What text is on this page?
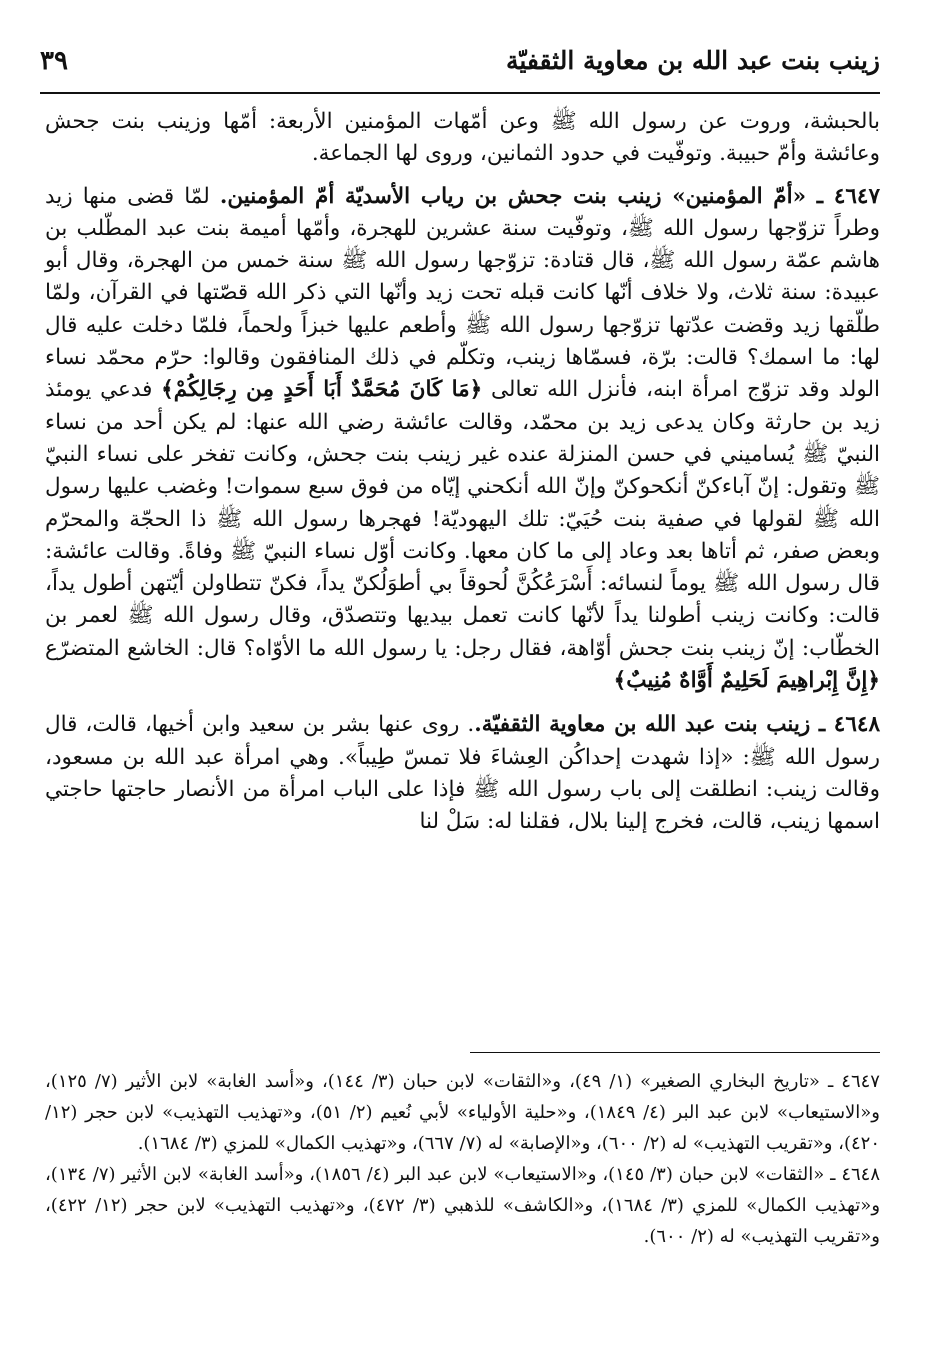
زينب بنت عبد الله بن معاوية الثقفيّة
٣٩

بالحبشة، وروت عن رسول الله ﷺ وعن أمّهات المؤمنين الأربعة: أمّها وزينب بنت جحش وعائشة وأمّ حبيبة. وتوفّيت في حدود الثمانين، وروى لها الجماعة.

٤٦٤٧ ـ «أمّ المؤمنين» زينب بنت جحش بن رياب الأسديّة أمّ المؤمنين. لمّا قضى منها زيد وطراً تزوّجها رسول الله ﷺ، وتوفّيت سنة عشرين للهجرة، وأمّها أميمة بنت عبد المطّلب بن هاشم عمّة رسول الله ﷺ، قال قتادة: تزوّجها رسول الله ﷺ سنة خمس من الهجرة، وقال أبو عبيدة: سنة ثلاث، ولا خلاف أنّها كانت قبله تحت زيد وأنّها التي ذكر الله قصّتها في القرآن، ولمّا طلّقها زيد وقضت عدّتها تزوّجها رسول الله ﷺ وأطعم عليها خبزاً ولحماً، فلمّا دخلت عليه قال لها: ما اسمك؟ قالت: برّة، فسمّاها زينب، وتكلّم في ذلك المنافقون وقالوا: حرّم محمّد نساء الولد وقد تزوّج امرأة ابنه، فأنزل الله تعالى ﴿مَا كَانَ مُحَمَّدٌ أَبَا أَحَدٍ مِن رِجَالِكُمْ﴾ فدعي يومئذ زيد بن حارثة وكان يدعى زيد بن محمّد، وقالت عائشة رضي الله عنها: لم يكن أحد من نساء النبيّ ﷺ يُساميني في حسن المنزلة عنده غير زينب بنت جحش، وكانت تفخر على نساء النبيّ ﷺ وتقول: إنّ آباءكنّ أنكحوكنّ وإنّ الله أنكحني إيّاه من فوق سبع سموات! وغضب عليها رسول الله ﷺ لقولها في صفية بنت حُيَيّ: تلك اليهوديّة! فهجرها رسول الله ﷺ ذا الحجّة والمحرّم وبعض صفر، ثم أتاها بعد وعاد إلى ما كان معها. وكانت أوّل نساء النبيّ ﷺ وفاةً. وقالت عائشة: قال رسول الله ﷺ يوماً لنسائه: أَسْرَعُكُنَّ لُحوقاً بي أطوَلُكنّ يداً، فكنّ تتطاولن أيّتهن أطول يداً، قالت: وكانت زينب أطولنا يداً لأنّها كانت تعمل بيديها وتتصدّق، وقال رسول الله ﷺ لعمر بن الخطّاب: إنّ زينب بنت جحش أوّاهة، فقال رجل: يا رسول الله ما الأوّاه؟ قال: الخاشع المتضرّع ﴿إِنَّ إِبْراهِيمَ لَحَلِيمٌ أَوَّاهٌ مُنِيبٌ﴾

٤٦٤٨ ـ زينب بنت عبد الله بن معاوية الثقفيّة.. روى عنها بشر بن سعيد وابن أخيها، قالت، قال رسول الله ﷺ: «إذا شهدت إحداكُن العِشاءَ فلا تمسّ طِيباً». وهي امرأة عبد الله بن مسعود، وقالت زينب: انطلقت إلى باب رسول الله ﷺ فإذا على الباب امرأة من الأنصار حاجتها حاجتي اسمها زينب، قالت، فخرج إلينا بلال، فقلنا له: سَلْ لنا

٤٦٤٧ ـ «تاريخ البخاري الصغير» (١/ ٤٩)، و«الثقات» لابن حبان (٣/ ١٤٤)، و«أسد الغابة» لابن الأثير (٧/ ١٢٥)، و«الاستيعاب» لابن عبد البر (٤/ ١٨٤٩)، و«حلية الأولياء» لأبي نُعيم (٢/ ٥١)، و«تهذيب التهذيب» لابن حجر (١٢/ ٤٢٠)، و«تقريب التهذيب» له (٢/ ٦٠٠)، و«الإصابة» له (٧/ ٦٦٧)، و«تهذيب الكمال» للمزي (٣/ ١٦٨٤).

٤٦٤٨ ـ «الثقات» لابن حبان (٣/ ١٤٥)، و«الاستيعاب» لابن عبد البر (٤/ ١٨٥٦)، و«أسد الغابة» لابن الأثير (٧/ ١٣٤)، و«تهذيب الكمال» للمزي (٣/ ١٦٨٤)، و«الكاشف» للذهبي (٣/ ٤٧٢)، و«تهذيب التهذيب» لابن حجر (١٢/ ٤٢٢)، و«تقريب التهذيب» له (٢/ ٦٠٠).
